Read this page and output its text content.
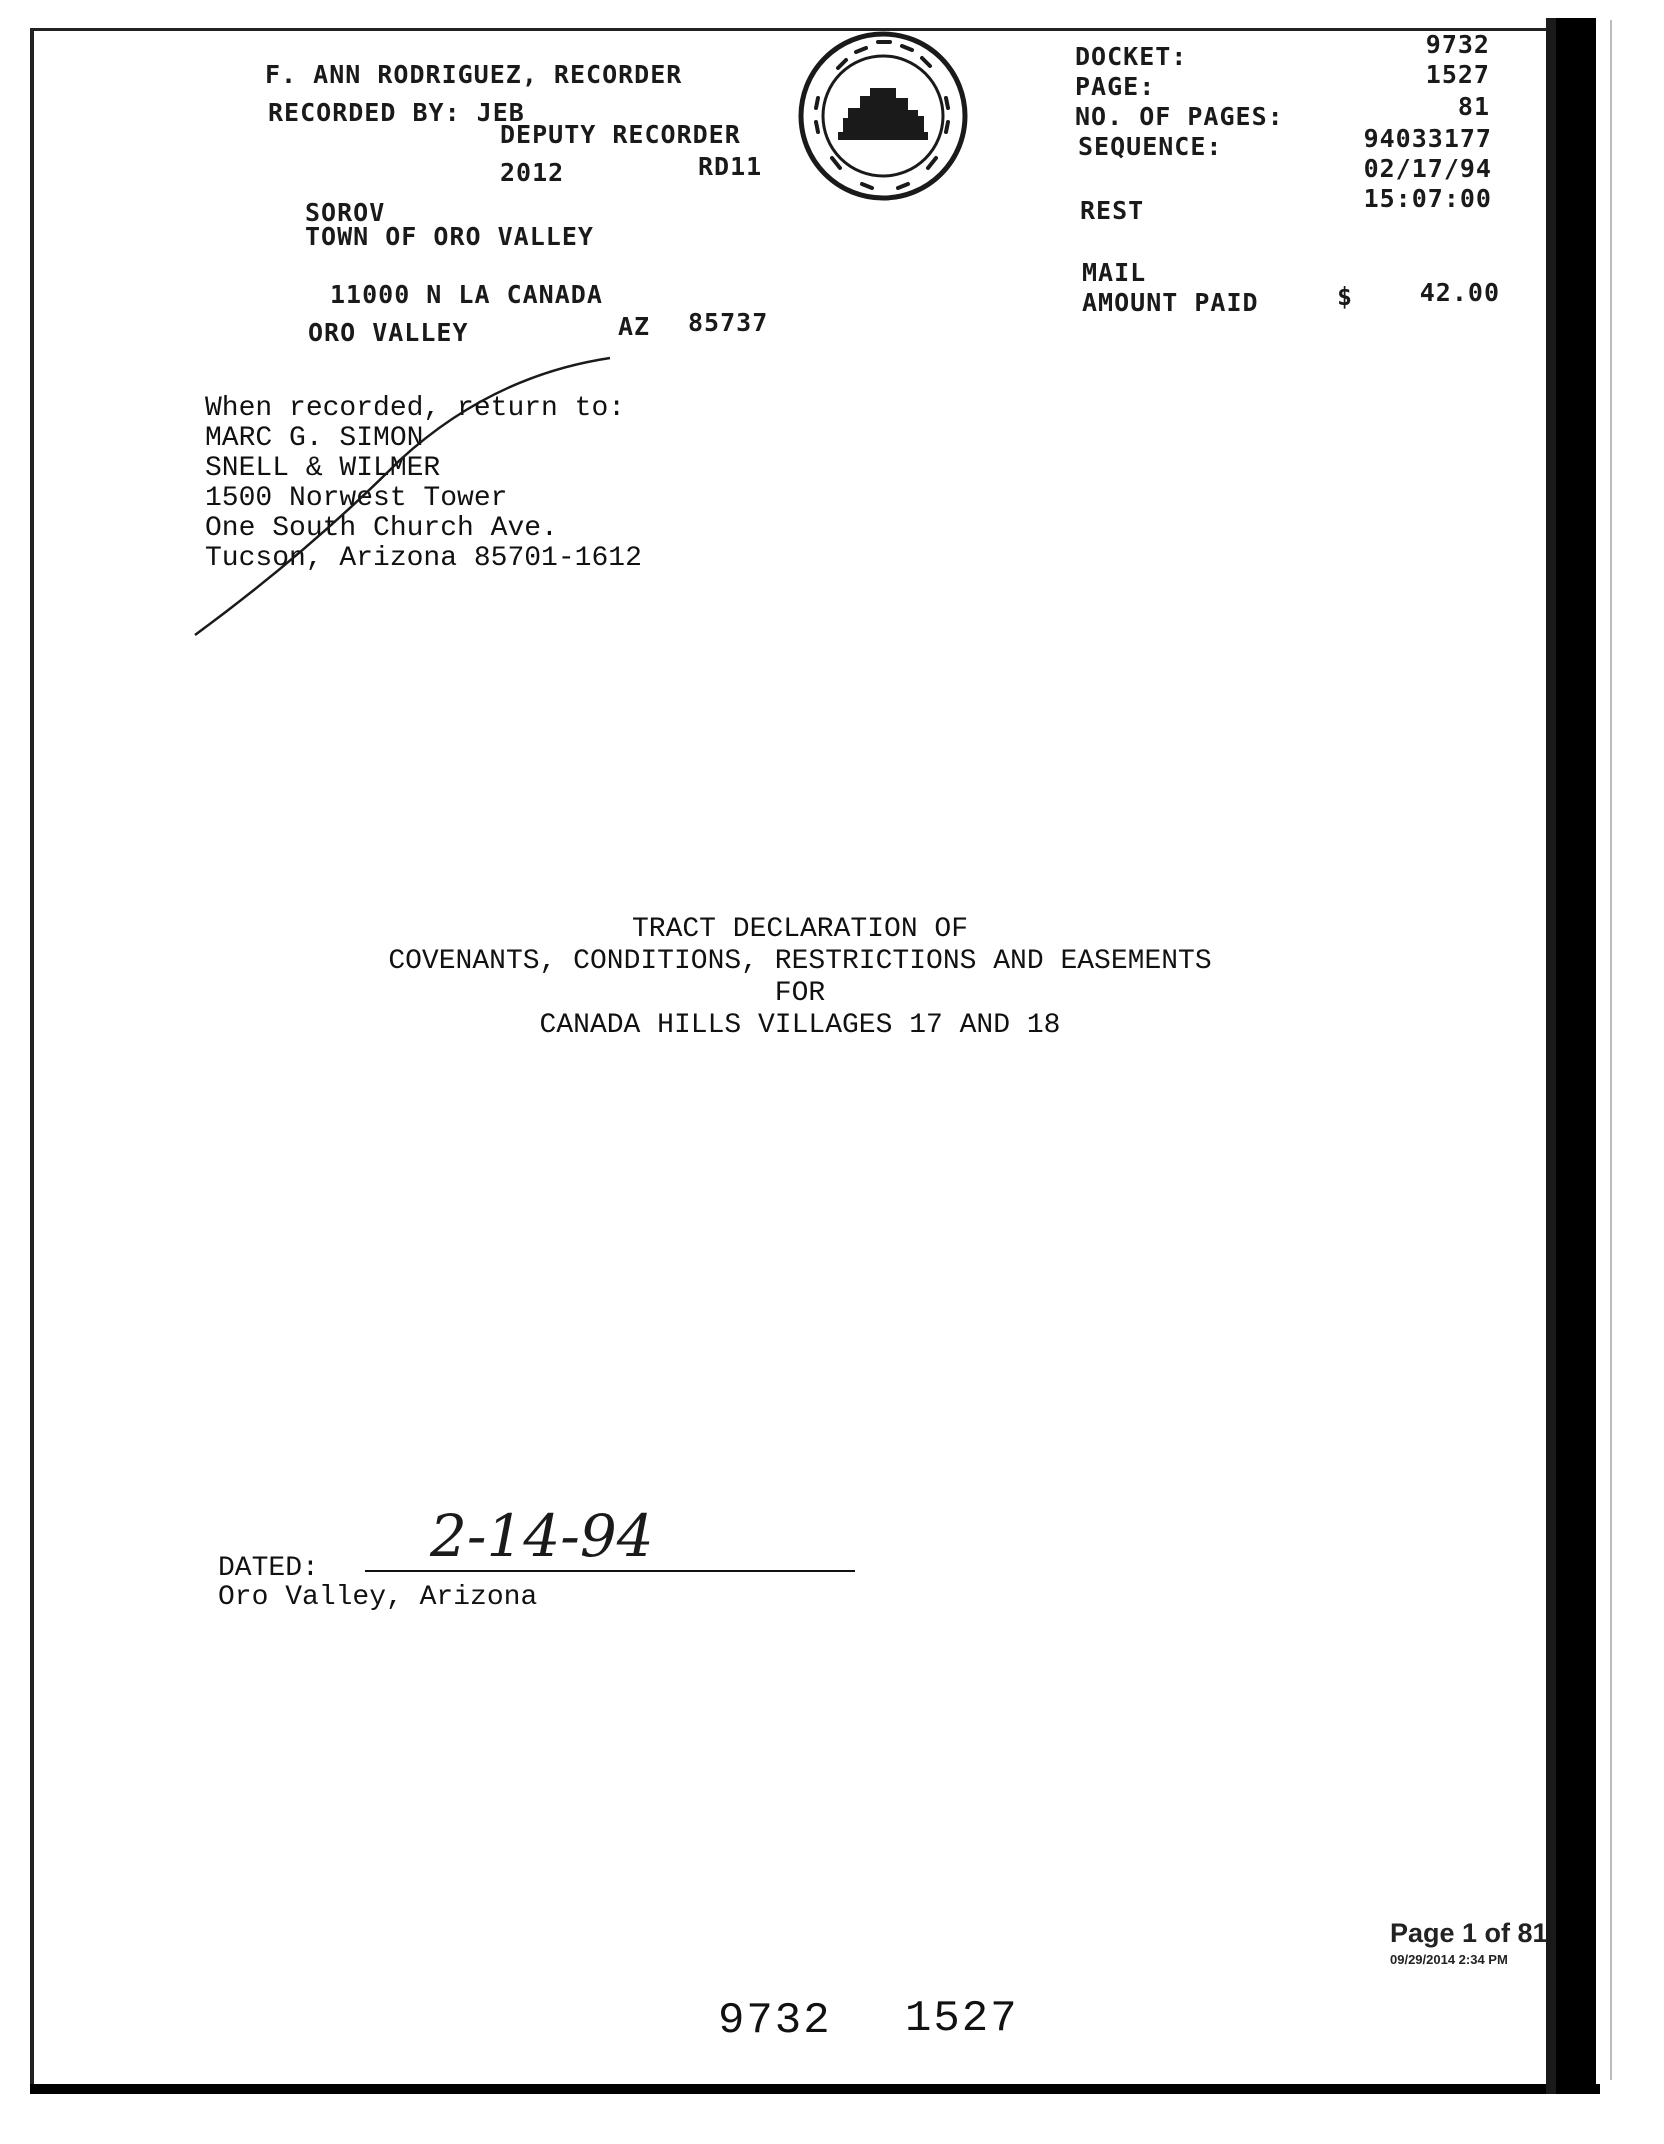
F. ANN RODRIGUEZ, RECORDER
RECORDED BY: JEB
DEPUTY RECORDER
2012	RD11
SOROV
TOWN OF ORO VALLEY
11000 N LA CANADA
ORO VALLEY	AZ 85737
DOCKET:	9732
PAGE:	1527
NO. OF PAGES:	81
SEQUENCE:	94033177
02/17/94
REST	15:07:00
MAIL
AMOUNT PAID	$	42.00
When recorded, return to:
MARC G. SIMON
SNELL & WILMER
1500 Norwest Tower
One South Church Ave.
Tucson, Arizona 85701-1612
TRACT DECLARATION OF
COVENANTS, CONDITIONS, RESTRICTIONS AND EASEMENTS
FOR
CANADA HILLS VILLAGES 17 AND 18
DATED: 2-14-94
Oro Valley, Arizona
Page 1 of 81
09/29/2014 2:34 PM
9732 1527
